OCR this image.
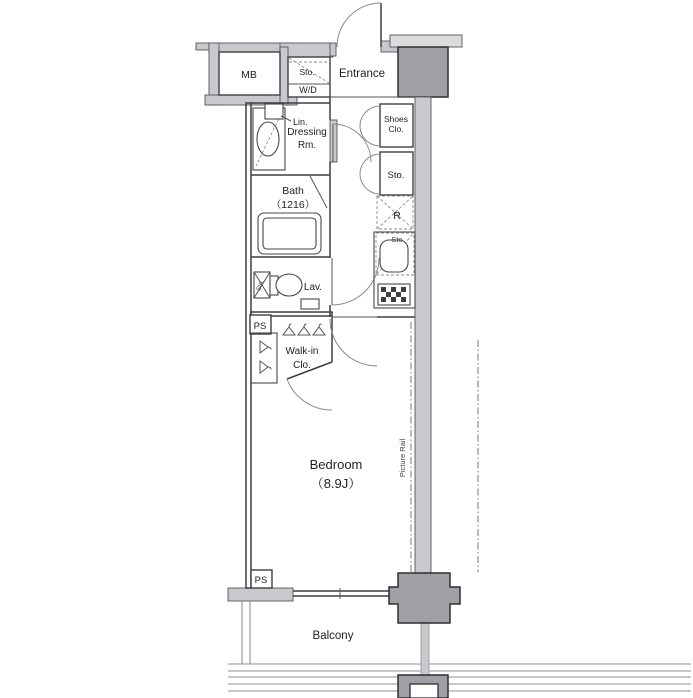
MB	Sto.
W/D
Entrance
Lin.
Dressing
Rm.
Bath
（1216）
Sto.	Lav.
Shoes
Clo.
Sto.
R
Sto.
PS
Walk-in
Clo.
Bedroom
（8.9J）
Picture Rail
PS
Balcony
